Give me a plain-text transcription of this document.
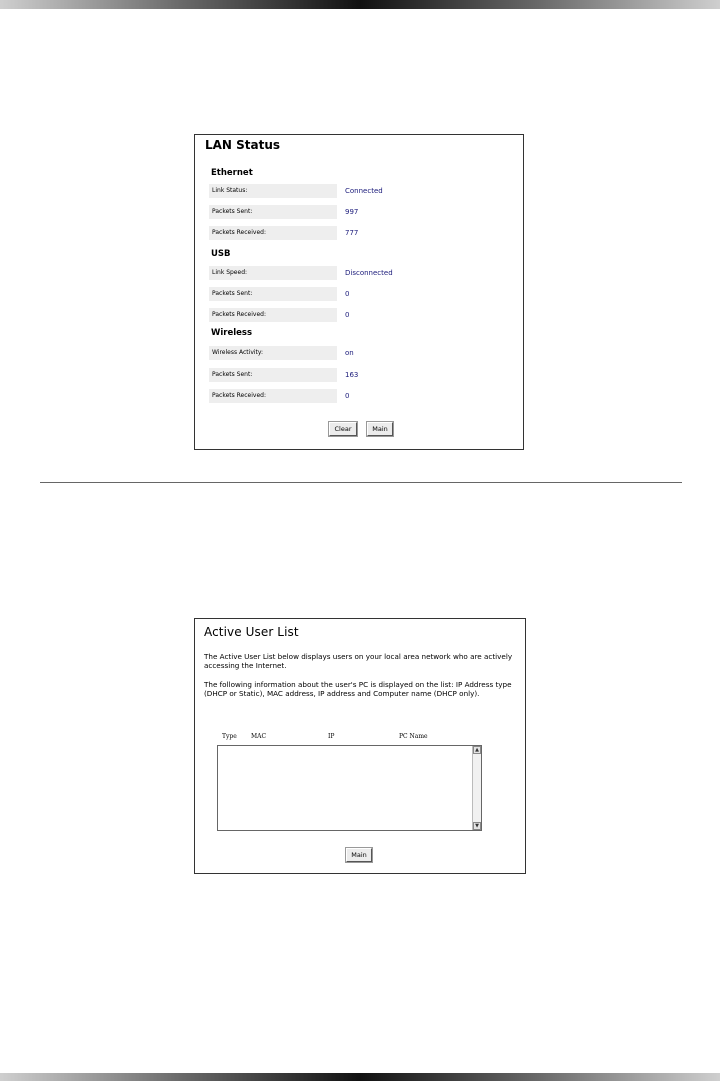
LAN Status
Ethernet
Link Status:	Connected
Packets Sent:	997
Packets Received:	777
USB
Link Speed:	Disconnected
Packets Sent:	0
Packets Received:	0
Wireless
Wireless Activity:	on
Packets Sent:	163
Packets Received:	0
Clear	Main
Active User List
The Active User List below displays users on your local area network who are actively accessing the Internet.
The following information about the user's PC is displayed on the list: IP Address type (DHCP or Static), MAC address, IP address and Computer name (DHCP only).
Type MAC	IP	PC Name
▲
▼
Main
